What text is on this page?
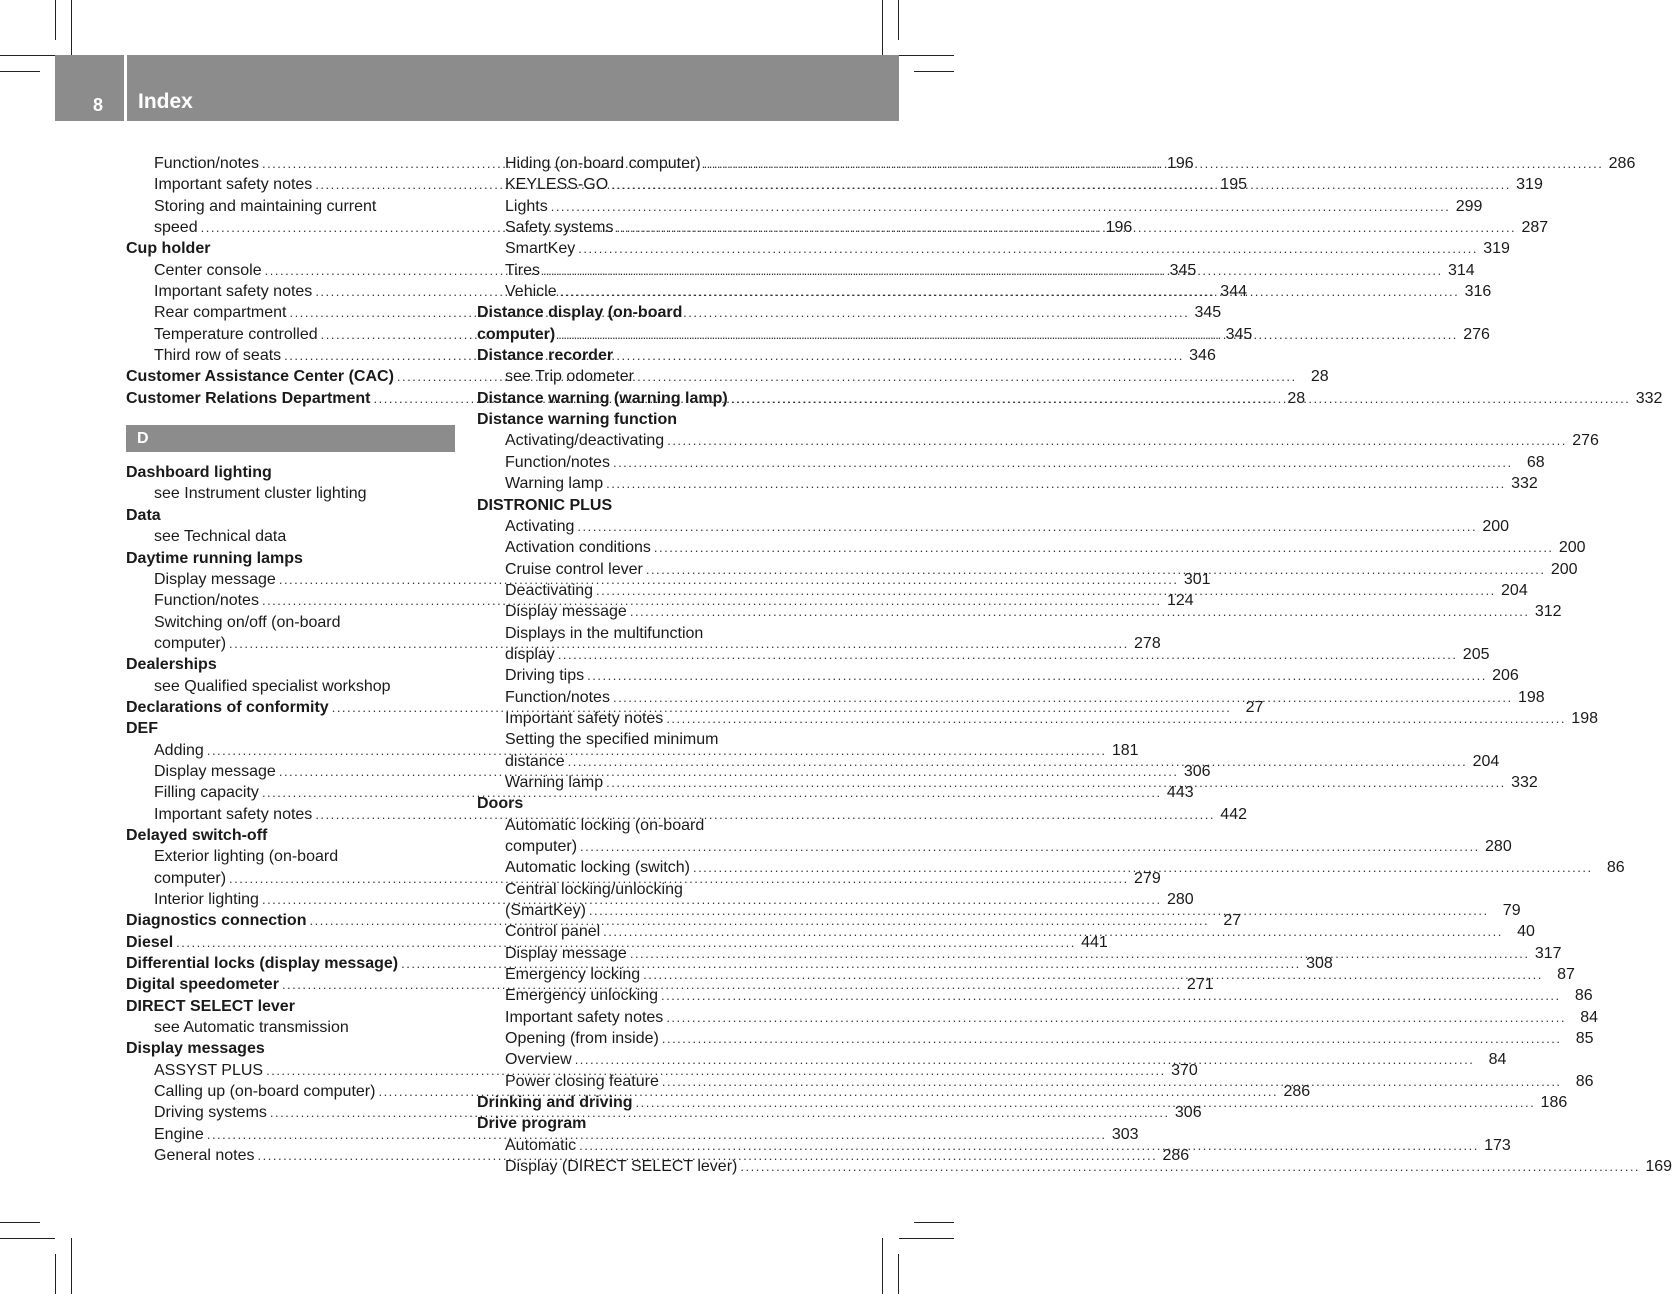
8 Index
Function/notes .....	196
Important safety notes .....	195
Storing and maintaining current
speed .....	196
Cup holder
Center console .....	345
Important safety notes .....	344
Rear compartment .....	345
Temperature controlled .....	345
Third row of seats .....	346
Customer Assistance Center (CAC) .....	28
Customer Relations Department .....	28
D
Dashboard lighting
see Instrument cluster lighting
Data
see Technical data
Daytime running lamps
Display message .....	301
Function/notes .....	124
Switching on/off (on-board
computer) .....	278
Dealerships
see Qualified specialist workshop
Declarations of conformity .....	27
DEF
Adding .....	181
Display message .....	306
Filling capacity .....	443
Important safety notes .....	442
Delayed switch-off
Exterior lighting (on-board
computer) .....	279
Interior lighting .....	280
Diagnostics connection .....	27
Diesel .....	441
Differential locks (display message) .....	308
Digital speedometer .....	271
DIRECT SELECT lever
see Automatic transmission
Display messages
ASSYST PLUS .....	370
Calling up (on-board computer) .....	286
Driving systems .....	306
Engine .....	303
General notes .....	286
Hiding (on-board computer) .....	286
KEYLESS-GO .....	319
Lights .....	299
Safety systems .....	287
SmartKey .....	319
Tires .....	314
Vehicle .....	316
Distance display (on-board
computer) .....	276
Distance recorder
see Trip odometer
Distance warning (warning lamp) .....	332
Distance warning function
Activating/deactivating .....	276
Function/notes .....	68
Warning lamp .....	332
DISTRONIC PLUS
Activating .....	200
Activation conditions .....	200
Cruise control lever .....	200
Deactivating .....	204
Display message .....	312
Displays in the multifunction
display .....	205
Driving tips .....	206
Function/notes .....	198
Important safety notes .....	198
Setting the specified minimum
distance .....	204
Warning lamp .....	332
Doors
Automatic locking (on-board
computer) .....	280
Automatic locking (switch) .....	86
Central locking/unlocking
(SmartKey) .....	79
Control panel .....	40
Display message .....	317
Emergency locking .....	87
Emergency unlocking .....	86
Important safety notes .....	84
Opening (from inside) .....	85
Overview .....	84
Power closing feature .....	86
Drinking and driving .....	186
Drive program
Automatic .....	173
Display (DIRECT SELECT lever) .....	169
